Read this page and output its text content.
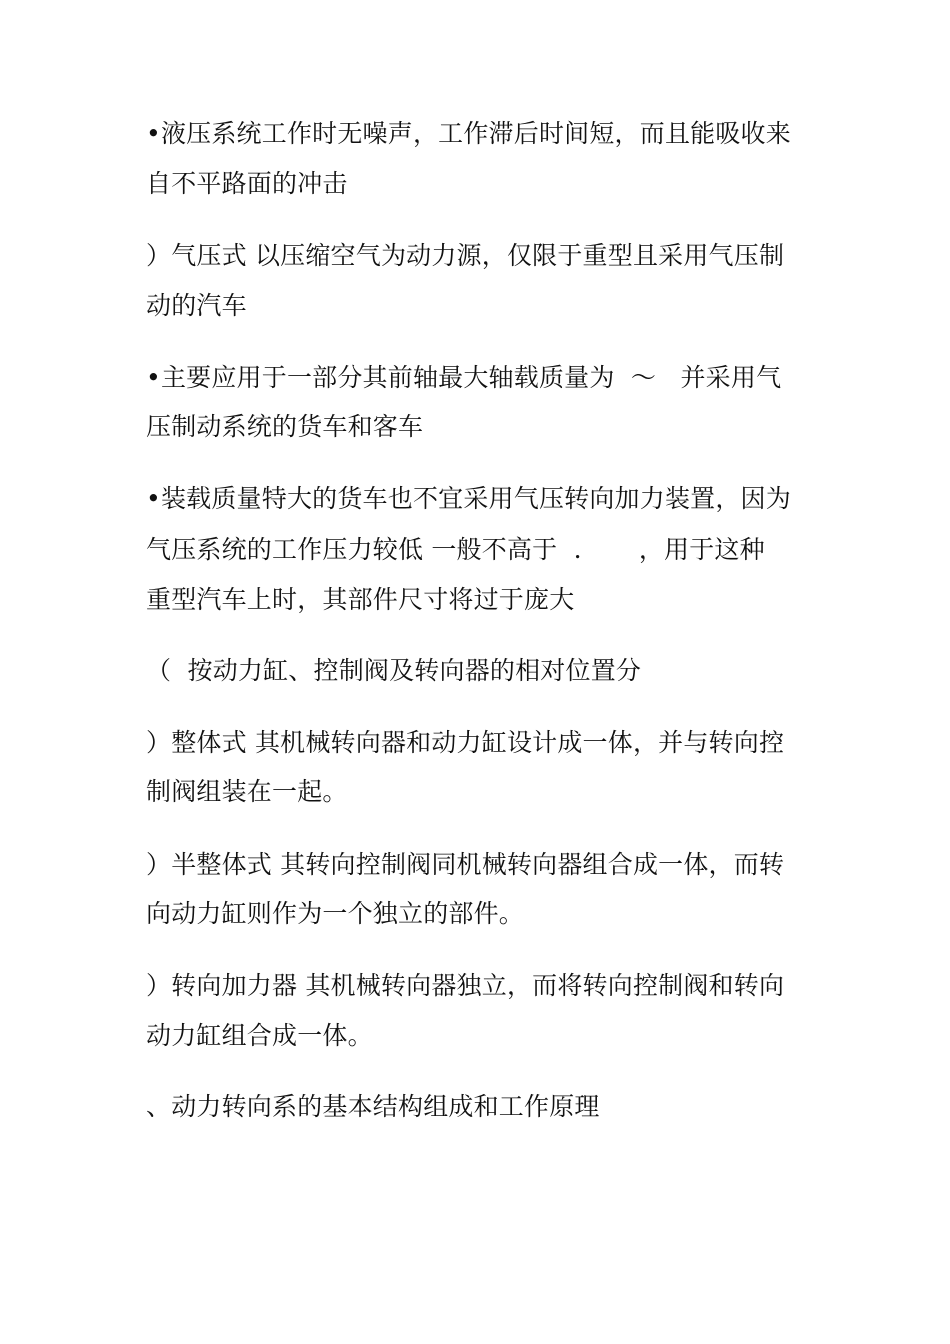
•液压系统工作时无噪声，工作滞后时间短，而且能吸收来
自不平路面的冲击
）气压式 以压缩空气为动力源，仅限于重型且采用气压制
动的汽车
•主要应用于一部分其前轴最大轴载质量为  ～   并采用气
压制动系统的货车和客车
•装载质量特大的货车也不宜采用气压转向加力装置，因为
气压系统的工作压力较低 一般不高于  .       ，用于这种
重型汽车上时，其部件尺寸将过于庞大
（  按动力缸、控制阀及转向器的相对位置分
）整体式 其机械转向器和动力缸设计成一体，并与转向控
制阀组装在一起。
）半整体式 其转向控制阀同机械转向器组合成一体，而转
向动力缸则作为一个独立的部件。
）转向加力器 其机械转向器独立，而将转向控制阀和转向
动力缸组合成一体。
、动力转向系的基本结构组成和工作原理
